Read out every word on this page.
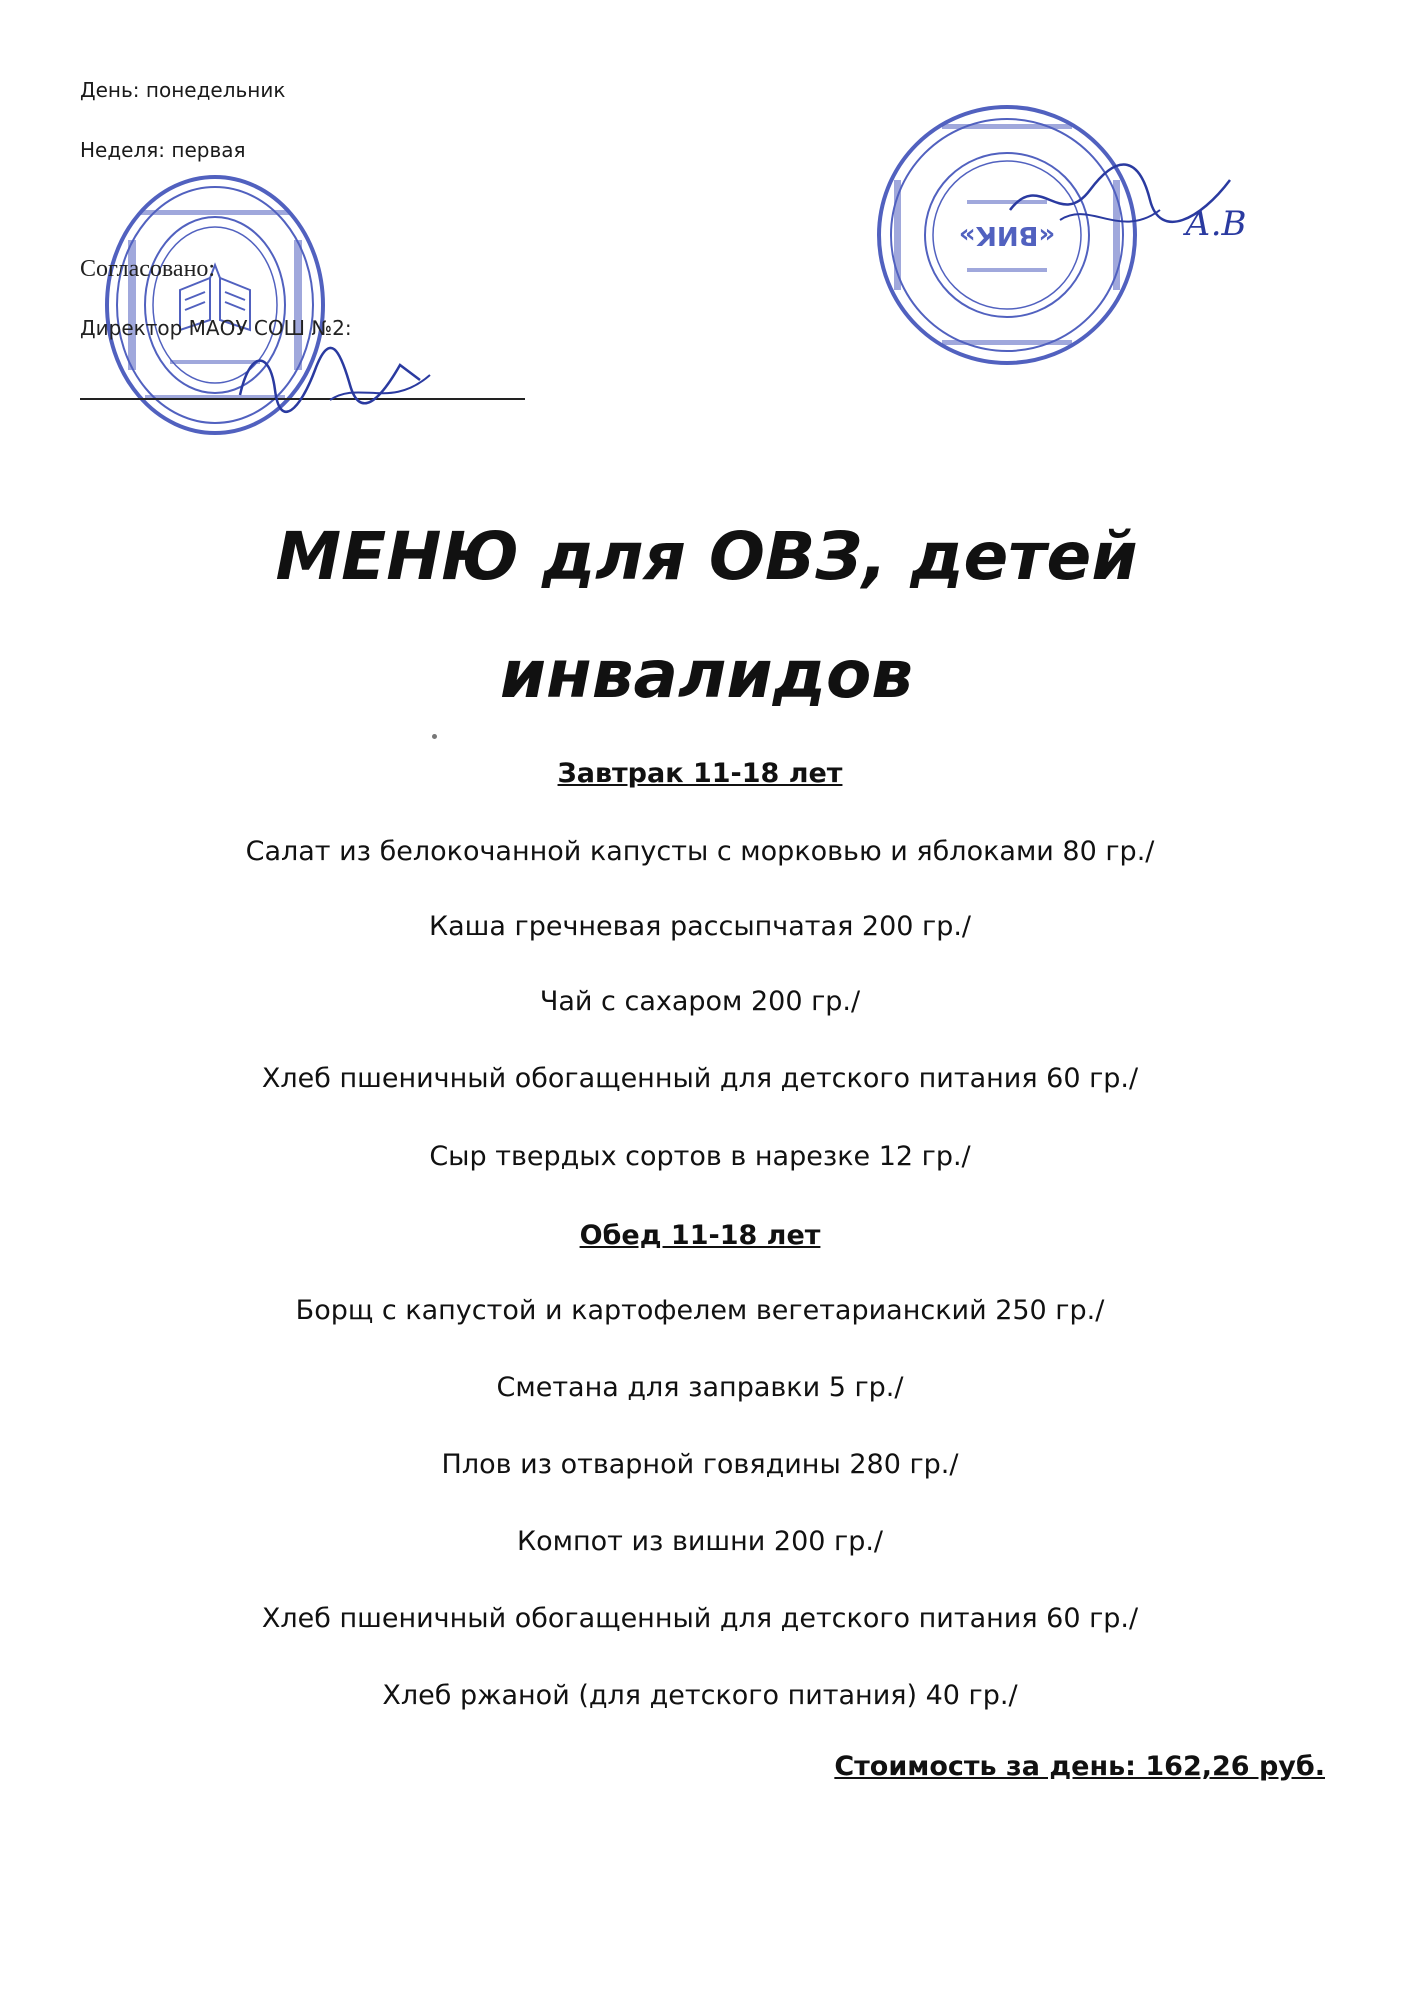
День: понедельник
Неделя: первая
«ВИК»	А.В
Согласовано:
Директор МАОУ СОШ №2:
МЕНЮ для ОВЗ, детей
инвалидов
Завтрак 11-18 лет
Салат из белокочанной капусты с морковью и яблоками 80 гр./
Каша гречневая рассыпчатая 200 гр./
Чай с сахаром 200 гр./
Хлеб пшеничный обогащенный для детского питания 60 гр./
Сыр твердых сортов в нарезке 12 гр./
Обед 11-18 лет
Борщ с капустой и картофелем вегетарианский 250 гр./
Сметана для заправки 5 гр./
Плов из отварной говядины 280 гр./
Компот из вишни 200 гр./
Хлеб пшеничный обогащенный для детского питания 60 гр./
Хлеб ржаной (для детского питания) 40 гр./
Стоимость за день: 162,26 руб.
